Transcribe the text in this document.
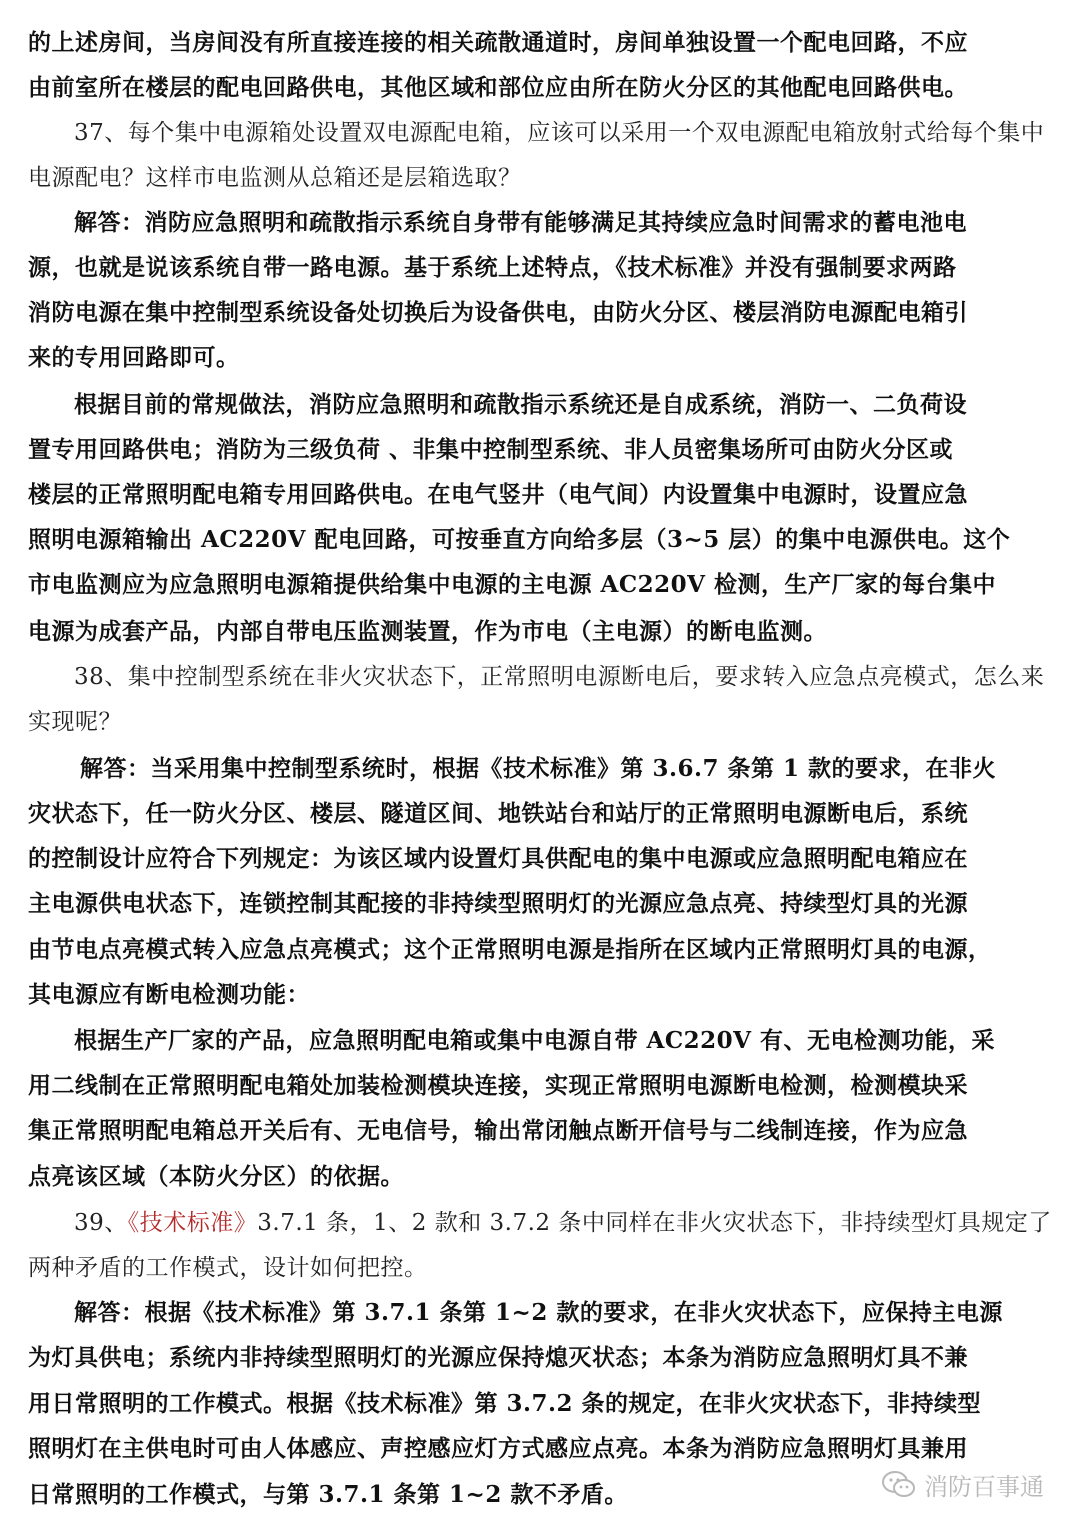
的上述房间，当房间没有所直接连接的相关疏散通道时，房间单独设置一个配电回路，不应
由前室所在楼层的配电回路供电，其他区域和部位应由所在防火分区的其他配电回路供电。
37、每个集中电源箱处设置双电源配电箱，应该可以采用一个双电源配电箱放射式给每个集中
电源配电？这样市电监测从总箱还是层箱选取？
解答：消防应急照明和疏散指示系统自身带有能够满足其持续应急时间需求的蓄电池电
源，也就是说该系统自带一路电源。基于系统上述特点，《技术标准》并没有强制要求两路
消防电源在集中控制型系统设备处切换后为设备供电，由防火分区、楼层消防电源配电箱引
来的专用回路即可。
根据目前的常规做法，消防应急照明和疏散指示系统还是自成系统，消防一、二负荷设
置专用回路供电；消防为三级负荷 、非集中控制型系统、非人员密集场所可由防火分区或
楼层的正常照明配电箱专用回路供电。在电气竖井（电气间）内设置集中电源时，设置应急
照明电源箱输出 AC220V 配电回路，可按垂直方向给多层（3~5 层）的集中电源供电。这个
市电监测应为应急照明电源箱提供给集中电源的主电源 AC220V 检测，生产厂家的每台集中
电源为成套产品，内部自带电压监测装置，作为市电（主电源）的断电监测。
38、集中控制型系统在非火灾状态下，正常照明电源断电后，要求转入应急点亮模式，怎么来
实现呢？
解答：当采用集中控制型系统时，根据《技术标准》第 3.6.7 条第 1 款的要求，在非火
灾状态下，任一防火分区、楼层、隧道区间、地铁站台和站厅的正常照明电源断电后，系统
的控制设计应符合下列规定：为该区域内设置灯具供配电的集中电源或应急照明配电箱应在
主电源供电状态下，连锁控制其配接的非持续型照明灯的光源应急点亮、持续型灯具的光源
由节电点亮模式转入应急点亮模式；这个正常照明电源是指所在区域内正常照明灯具的电源，
其电源应有断电检测功能：
根据生产厂家的产品，应急照明配电箱或集中电源自带 AC220V 有、无电检测功能，采
用二线制在正常照明配电箱处加装检测模块连接，实现正常照明电源断电检测，检测模块采
集正常照明配电箱总开关后有、无电信号，输出常闭触点断开信号与二线制连接，作为应急
点亮该区域（本防火分区）的依据。
39、《技术标准》3.7.1 条，1、2 款和 3.7.2 条中同样在非火灾状态下，非持续型灯具规定了
两种矛盾的工作模式，设计如何把控。
解答：根据《技术标准》第 3.7.1 条第 1~2 款的要求，在非火灾状态下，应保持主电源
为灯具供电；系统内非持续型照明灯的光源应保持熄灭状态；本条为消防应急照明灯具不兼
用日常照明的工作模式。根据《技术标准》第 3.7.2 条的规定，在非火灾状态下，非持续型
照明灯在主供电时可由人体感应、声控感应灯方式感应点亮。本条为消防应急照明灯具兼用
日常照明的工作模式，与第 3.7.1 条第 1~2 款不矛盾。	消防百事通
